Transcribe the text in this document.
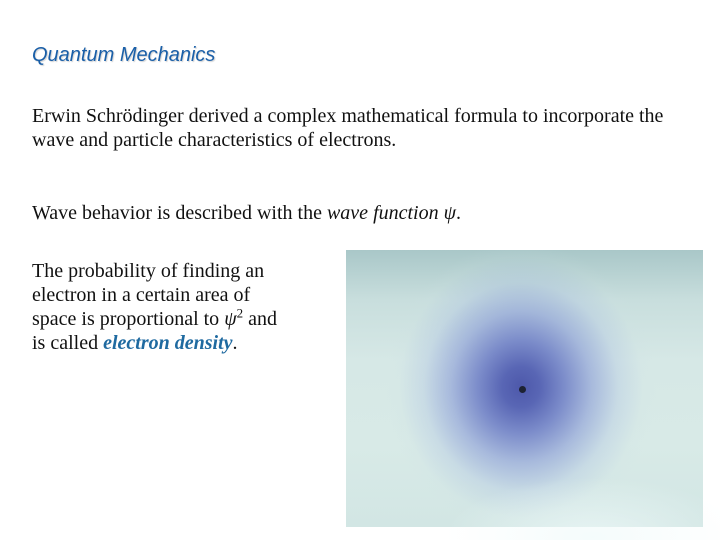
Quantum Mechanics
Erwin Schrödinger derived a complex mathematical formula to incorporate the wave and particle characteristics of electrons.
Wave behavior is described with the wave function ψ.
The probability of finding an
electron in a certain area of
space is proportional to $\psi^2$ and
is called electron density.
